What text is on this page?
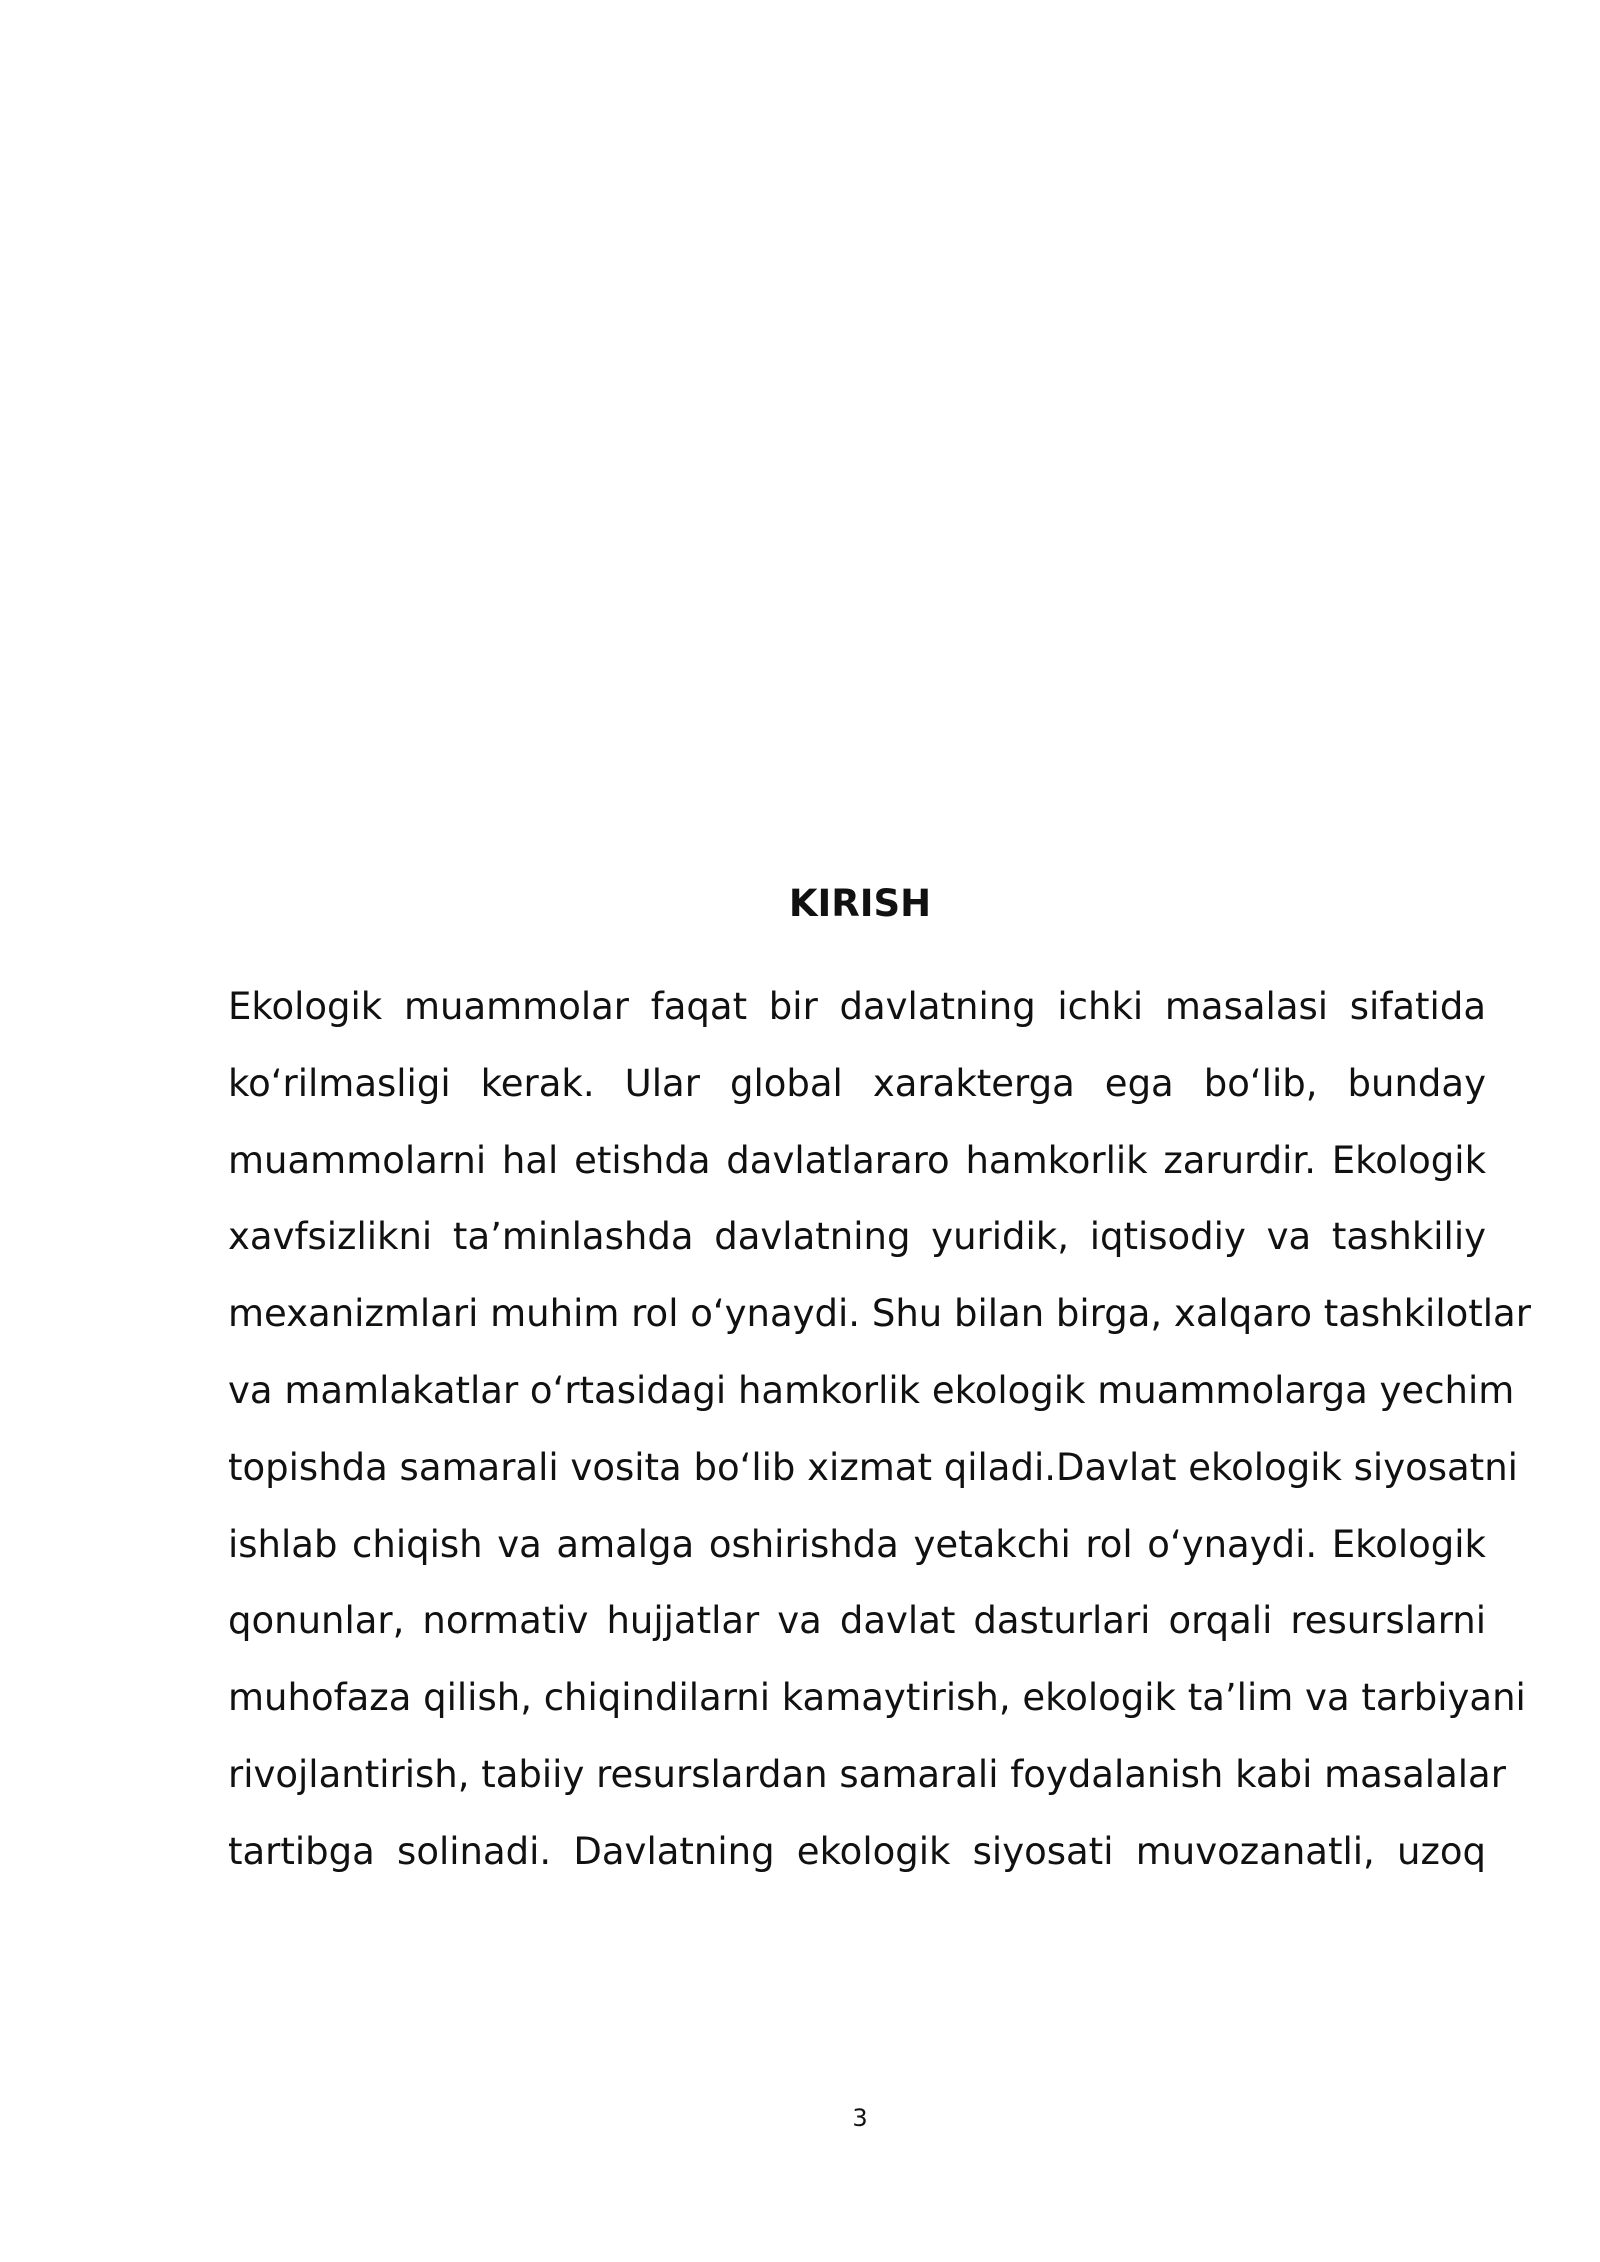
KIRISH
Ekologik muammolar faqat bir davlatning ichki masalasi sifatida
ko‘rilmasligi kerak. Ular global xarakterga ega bo‘lib, bunday
muammolarni hal etishda davlatlararo hamkorlik zarurdir. Ekologik
xavfsizlikni ta’minlashda davlatning yuridik, iqtisodiy va tashkiliy
mexanizmlari muhim rol o‘ynaydi. Shu bilan birga, xalqaro tashkilotlar
va mamlakatlar o‘rtasidagi hamkorlik ekologik muammolarga yechim
topishda samarali vosita bo‘lib xizmat qiladi.Davlat ekologik siyosatni
ishlab chiqish va amalga oshirishda yetakchi rol o‘ynaydi. Ekologik
qonunlar, normativ hujjatlar va davlat dasturlari orqali resurslarni
muhofaza qilish, chiqindilarni kamaytirish, ekologik ta’lim va tarbiyani
rivojlantirish, tabiiy resurslardan samarali foydalanish kabi masalalar
tartibga solinadi. Davlatning ekologik siyosati muvozanatli, uzoq
3
